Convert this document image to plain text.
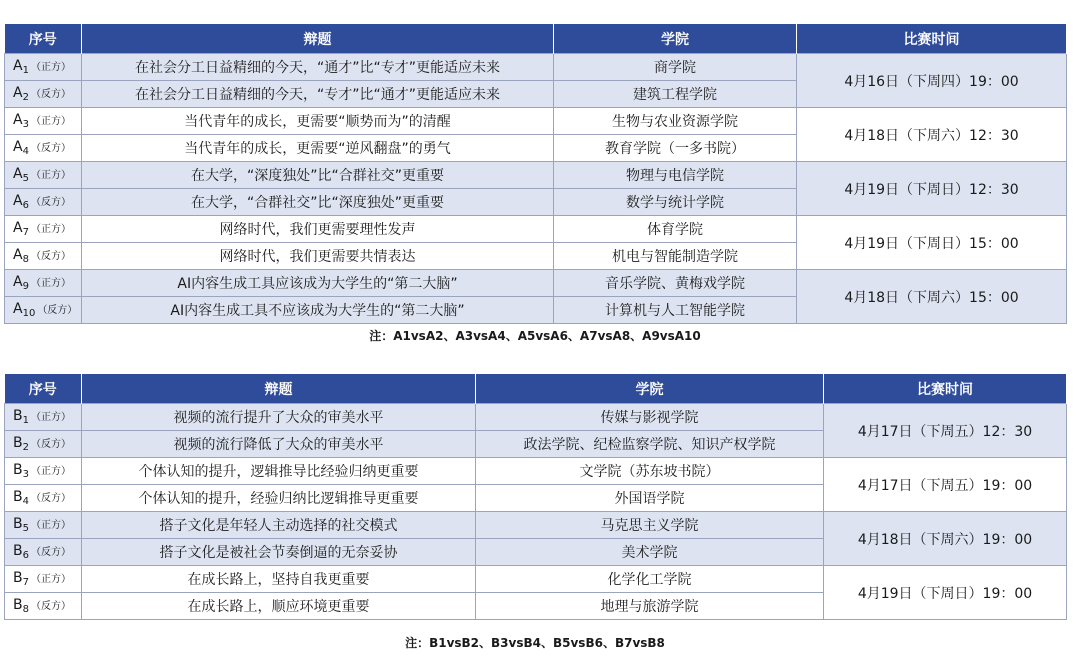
序号	辩题	学院	比赛时间
$A_1$ （正方）	在社会分工日益精细的今天，“通才”比“专才”更能适应未来	商学院	4月16日（下周四）19：00
$A_2$ （反方）	在社会分工日益精细的今天，“专才”比“通才”更能适应未来	建筑工程学院	
$A_3$ （正方）	当代青年的成长，更需要“顺势而为”的清醒	生物与农业资源学院	4月18日（下周六）12：30
$A_4$ （反方）	当代青年的成长，更需要“逆风翻盘”的勇气	教育学院（一多书院）	
$A_5$ （正方）	在大学，“深度独处”比“合群社交”更重要	物理与电信学院	4月19日（下周日）12：30
$A_6$ （反方）	在大学，“合群社交”比“深度独处”更重要	数学与统计学院	
$A_7$ （正方）	网络时代，我们更需要理性发声	体育学院	4月19日（下周日）15：00
$A_8$ （反方）	网络时代，我们更需要共情表达	机电与智能制造学院	
$A_9$ （正方）	AI内容生成工具应该成为大学生的“第二大脑”	音乐学院、黄梅戏学院	4月18日（下周六）15：00
$A_{10}$ （反方）	AI内容生成工具不应该成为大学生的“第二大脑”	计算机与人工智能学院	
注：A1vsA2、A3vsA4、A5vsA6、A7vsA8、A9vsA10
序号	辩题	学院	比赛时间
$B_1$ （正方）	视频的流行提升了大众的审美水平	传媒与影视学院	4月17日（下周五）12：30
$B_2$ （反方）	视频的流行降低了大众的审美水平	政法学院、纪检监察学院、知识产权学院	
$B_3$ （正方）	个体认知的提升，逻辑推导比经验归纳更重要	文学院（苏东坡书院）	4月17日（下周五）19：00
$B_4$ （反方）	个体认知的提升，经验归纳比逻辑推导更重要	外国语学院	
$B_5$ （正方）	搭子文化是年轻人主动选择的社交模式	马克思主义学院	4月18日（下周六）19：00
$B_6$ （反方）	搭子文化是被社会节奏倒逼的无奈妥协	美术学院	
$B_7$ （正方）	在成长路上，坚持自我更重要	化学化工学院	4月19日（下周日）19：00
$B_8$ （反方）	在成长路上，顺应环境更重要	地理与旅游学院	
注：B1vsB2、B3vsB4、B5vsB6、B7vsB8
